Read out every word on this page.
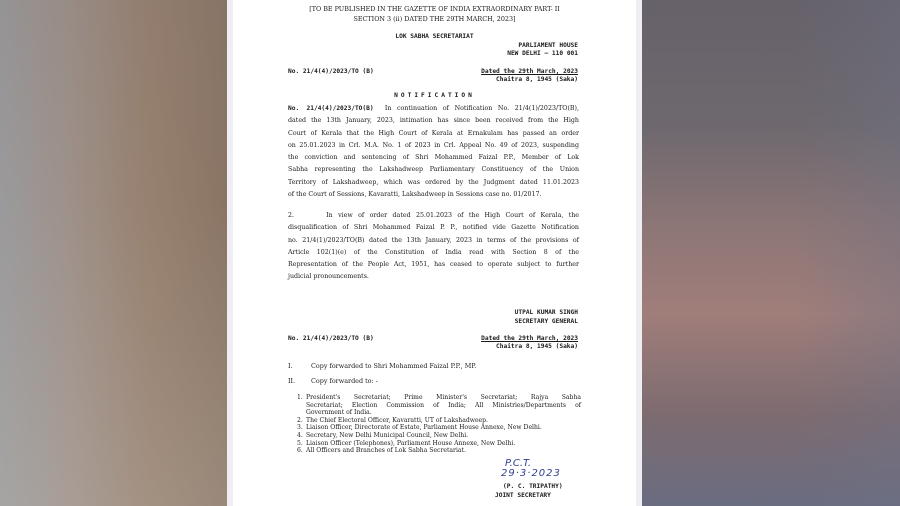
[TO BE PUBLISHED IN THE GAZETTE OF INDIA EXTRAORDINARY PART- II
SECTION 3 (ii) DATED THE 29TH MARCH, 2023]
LOK SABHA SECRETARIAT
PARLIAMENT HOUSE
NEW DELHI – 110 001
No. 21/4(4)/2023/TO (B)	Dated the 29th March, 2023
Chaitra 8, 1945 (Saka)
NOTIFICATION
No. 21/4(4)/2023/TO(B) In continuation of Notification No. 21/4(1)/2023/TO(B),
dated the 13th January, 2023, intimation has since been received from the High
Court of Kerala that the High Court of Kerala at Ernakulam has passed an order
on 25.01.2023 in Crl. M.A. No. 1 of 2023 in Crl. Appeal No. 49 of 2023, suspending
the conviction and sentencing of Shri Mohammed Faizal P.P., Member of Lok
Sabha representing the Lakshadweep Parliamentary Constituency of the Union
Territory of Lakshadweep, which was ordered by the Judgment dated 11.01.2023
of the Court of Sessions, Kavaratti, Lakshadweep in Sessions case no. 01/2017.
2.      In view of order dated 25.01.2023 of the High Court of Kerala, the
disqualification of Shri Mohammed Faizal P. P., notified vide Gazette Notification
no. 21/4(1)/2023/TO(B) dated the 13th January, 2023 in terms of the provisions of
Article 102(1)(e) of the Constitution of India read with Section 8 of the
Representation of the People Act, 1951, has ceased to operate subject to further
judicial pronouncements.
UTPAL KUMAR SINGH
SECRETARY GENERAL
No. 21/4(4)/2023/TO (B)	Dated the 29th March, 2023
Chaitra 8, 1945 (Saka)
I.	Copy forwarded to Shri Mohammed Faizal P.P., MP.
II. Copy forwarded to: -
1. President's Secretariat; Prime Minister's Secretariat; Rajya Sabha
Secretariat; Election Commission of India; All Ministries/Departments of
Government of India.
2. The Chief Electoral Officer, Kavaratti, UT of Lakshadweep.
3. Liaison Officer, Directorate of Estate, Parliament House Annexe, New Delhi.
4. Secretary, New Delhi Municipal Council, New Delhi.
5. Liaison Officer (Telephones), Parliament House Annexe, New Delhi.
6. All Officers and Branches of Lok Sabha Secretariat.
P.C.T.
29·3·2023
(P. C. TRIPATHY)
JOINT SECRETARY
